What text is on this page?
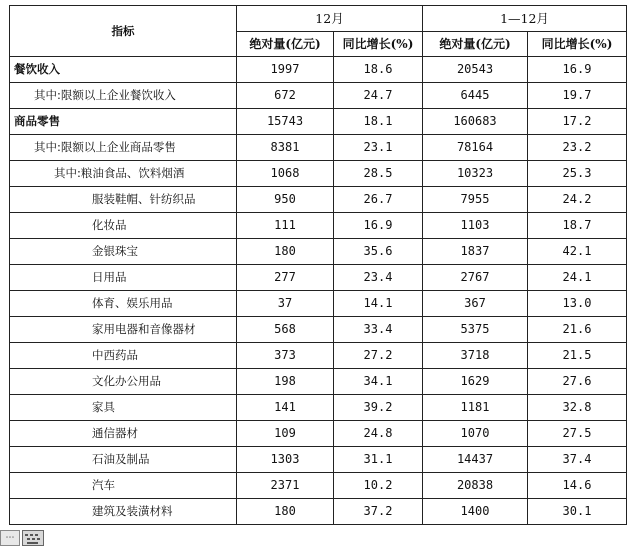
指标	12月		1—12月	
	绝对量(亿元)	同比增长(%)	绝对量(亿元)	同比增长(%)
餐饮收入	1997	18.6	20543	16.9
其中:限额以上企业餐饮收入	672	24.7	6445	19.7
商品零售	15743	18.1	160683	17.2
其中:限额以上企业商品零售	8381	23.1	78164	23.2
其中:粮油食品、饮料烟酒	1068	28.5	10323	25.3
服装鞋帽、针纺织品	950	26.7	7955	24.2
化妆品	111	16.9	1103	18.7
金银珠宝	180	35.6	1837	42.1
日用品	277	23.4	2767	24.1
体育、娱乐用品	37	14.1	367	13.0
家用电器和音像器材	568	33.4	5375	21.6
中西药品	373	27.2	3718	21.5
文化办公用品	198	34.1	1629	27.6
家具	141	39.2	1181	32.8
通信器材	109	24.8	1070	27.5
石油及制品	1303	31.1	14437	37.4
汽车	2371	10.2	20838	14.6
建筑及装潢材料	180	37.2	1400	30.1
⋯
